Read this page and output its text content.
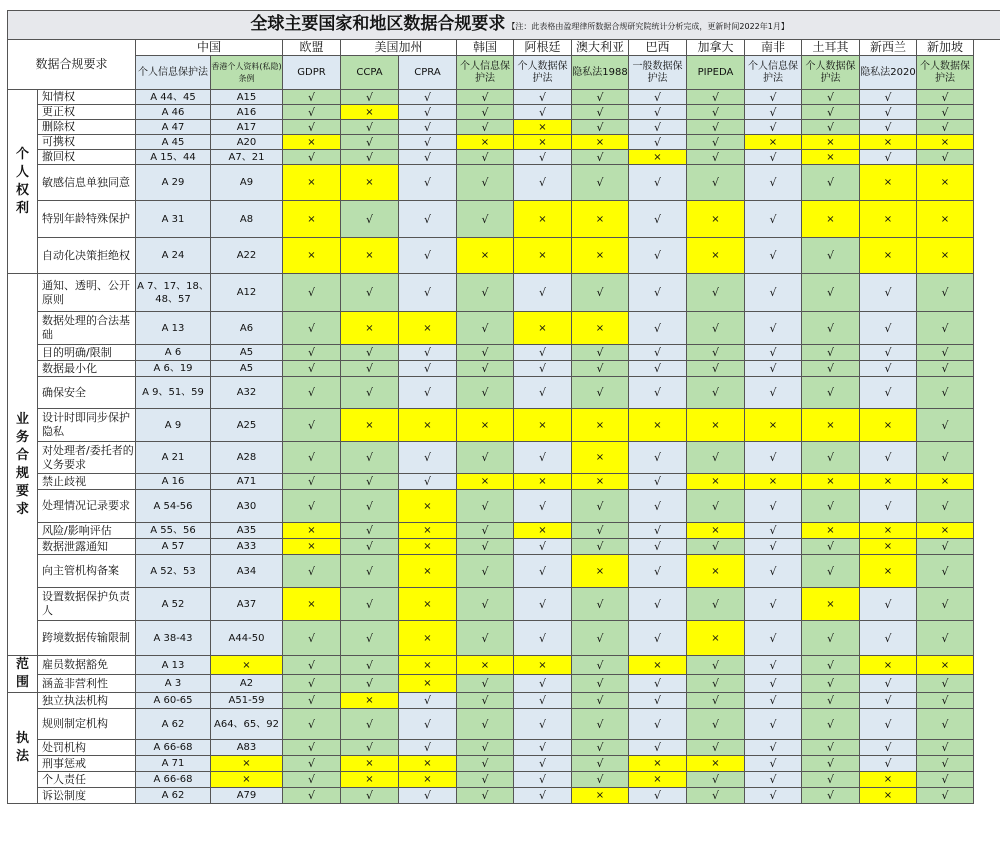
全球主要国家和地区数据合规要求 【注：此表格由盈理律所数据合规研究院统计分析完成，更新时间2022年1月】															
数据合规要求		中国		欧盟	美国加州		韩国	阿根廷	澳大利亚	巴西	加拿大	南非	土耳其	新西兰	新加坡
		个人信息保护法	香港个人资料(私隐)条例	GDPR	CCPA	CPRA	个人信息保护法	个人数据保护法	隐私法1988	一般数据保护法	PIPEDA	个人信息保护法	个人数据保护法	隐私法2020	个人数据保护法
个人权利	知情权	A 44、45	A15	√	√	√	√	√	√	√	√	√	√	√	√
	更正权	A 46	A16	√	×	√	√	√	√	√	√	√	√	√	√
	删除权	A 47	A17	√	√	√	√	×	√	√	√	√	√	√	√
	可携权	A 45	A20	×	√	√	×	×	×	√	√	×	×	×	×
	撤回权	A 15、44	A7、21	√	√	√	√	√	√	×	√	√	×	√	√
	敏感信息单独同意	A 29	A9	×	×	√	√	√	√	√	√	√	√	×	×
	特别年龄特殊保护	A 31	A8	×	√	√	√	×	×	√	×	√	×	×	×
	自动化决策拒绝权	A 24	A22	×	×	√	×	×	×	√	×	√	√	×	×
业务合规要求	通知、透明、公开原则	A 7、17、18、48、57	A12	√	√	√	√	√	√	√	√	√	√	√	√
	数据处理的合法基础	A 13	A6	√	×	×	√	×	×	√	√	√	√	√	√
	目的明确/限制	A 6	A5	√	√	√	√	√	√	√	√	√	√	√	√
	数据最小化	A 6、19	A5	√	√	√	√	√	√	√	√	√	√	√	√
	确保安全	A 9、51、59	A32	√	√	√	√	√	√	√	√	√	√	√	√
	设计时即同步保护隐私	A 9	A25	√	×	×	×	×	×	×	×	×	×	×	√
	对处理者/委托者的义务要求	A 21	A28	√	√	√	√	√	×	√	√	√	√	√	√
	禁止歧视	A 16	A71	√	√	√	×	×	×	√	×	×	×	×	×
	处理情况记录要求	A 54-56	A30	√	√	×	√	√	√	√	√	√	√	√	√
	风险/影响评估	A 55、56	A35	×	√	×	√	×	√	√	×	√	×	×	×
	数据泄露通知	A 57	A33	×	√	×	√	√	√	√	√	√	√	×	√
	向主管机构备案	A 52、53	A34	√	√	×	√	√	×	√	×	√	√	×	√
	设置数据保护负责人	A 52	A37	×	√	×	√	√	√	√	√	√	×	√	√
	跨境数据传输限制	A 38-43	A44-50	√	√	×	√	√	√	√	×	√	√	√	√
范围	雇员数据豁免	A 13	×	√	√	×	×	×	√	×	√	√	√	×	×
	涵盖非营利性	A 3	A2	√	√	×	√	√	√	√	√	√	√	√	√
执法	独立执法机构	A 60-65	A51-59	√	×	√	√	√	√	√	√	√	√	√	√
	规则制定机构	A 62	A64、65、92	√	√	√	√	√	√	√	√	√	√	√	√
	处罚机构	A 66-68	A83	√	√	√	√	√	√	√	√	√	√	√	√
	刑事惩戒	A 71	×	√	×	×	√	√	√	×	×	√	√	√	√
	个人责任	A 66-68	×	√	×	×	√	√	√	×	√	√	√	×	√
	诉讼制度	A 62	A79	√	√	√	√	√	×	√	√	√	√	×	√
